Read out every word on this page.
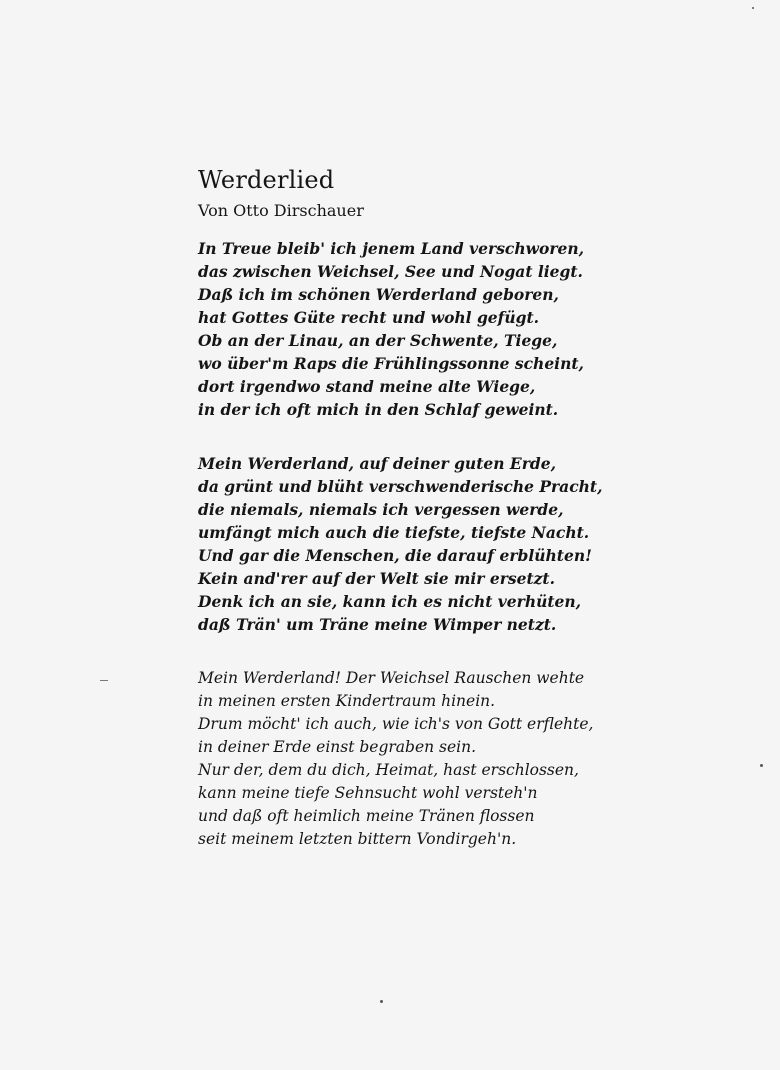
Werderlied
Von Otto Dirschauer
In Treue bleib' ich jenem Land verschworen,
das zwischen Weichsel, See und Nogat liegt.
Daß ich im schönen Werderland geboren,
hat Gottes Güte recht und wohl gefügt.
Ob an der Linau, an der Schwente, Tiege,
wo über'm Raps die Frühlingssonne scheint,
dort irgendwo stand meine alte Wiege,
in der ich oft mich in den Schlaf geweint.
Mein Werderland, auf deiner guten Erde,
da grünt und blüht verschwenderische Pracht,
die niemals, niemals ich vergessen werde,
umfängt mich auch die tiefste, tiefste Nacht.
Und gar die Menschen, die darauf erblühten!
Kein and'rer auf der Welt sie mir ersetzt.
Denk ich an sie, kann ich es nicht verhüten,
daß Trän' um Träne meine Wimper netzt.
Mein Werderland! Der Weichsel Rauschen wehte
in meinen ersten Kindertraum hinein.
Drum möcht' ich auch, wie ich's von Gott erflehte,
in deiner Erde einst begraben sein.
Nur der, dem du dich, Heimat, hast erschlossen,
kann meine tiefe Sehnsucht wohl versteh'n
und daß oft heimlich meine Tränen flossen
seit meinem letzten bittern Vondirgeh'n.
